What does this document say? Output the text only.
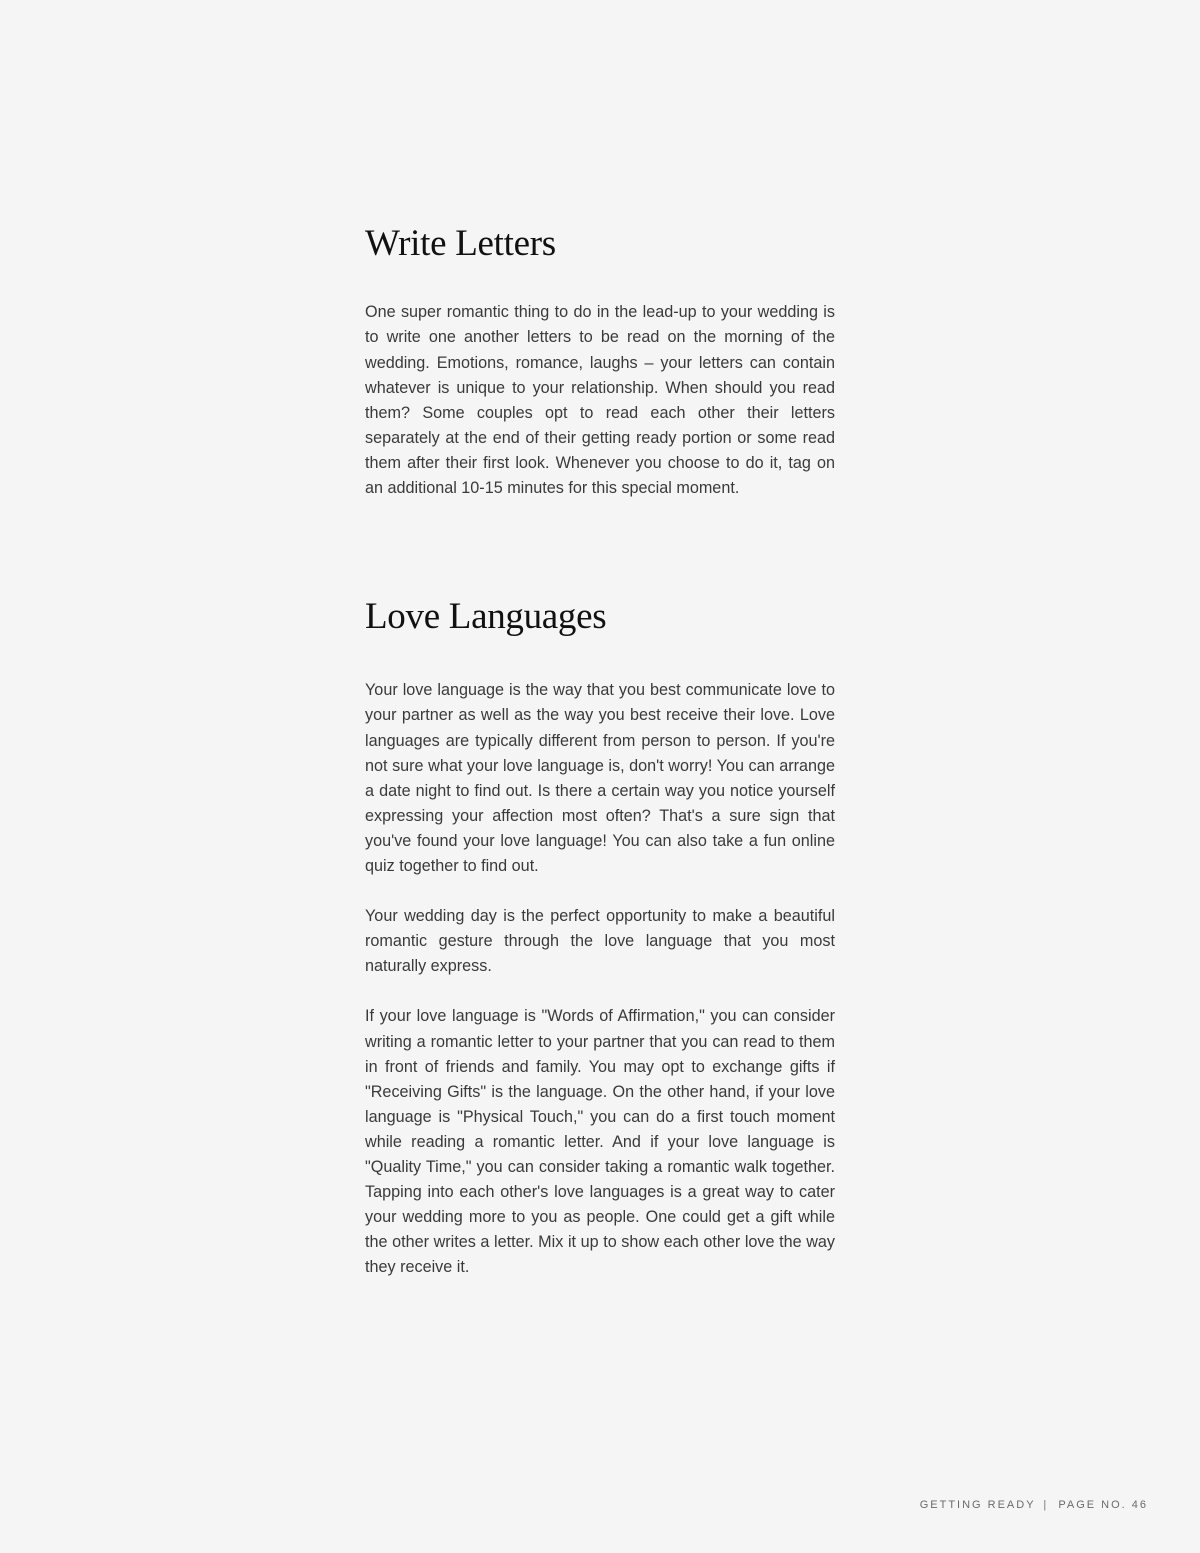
Write Letters

One super romantic thing to do in the lead-up to your wedding is to write one another letters to be read on the morning of the wedding. Emotions, romance, laughs – your letters can contain whatever is unique to your relationship. When should you read them? Some couples opt to read each other their letters separately at the end of their getting ready portion or some read them after their first look. Whenever you choose to do it, tag on an additional 10-15 minutes for this special moment.

Love Languages

Your love language is the way that you best communicate love to your partner as well as the way you best receive their love. Love languages are typically different from person to person. If you're not sure what your love language is, don't worry! You can arrange a date night to find out. Is there a certain way you notice yourself expressing your affection most often? That's a sure sign that you've found your love language! You can also take a fun online quiz together to find out.

Your wedding day is the perfect opportunity to make a beautiful romantic gesture through the love language that you most naturally express.

If your love language is "Words of Affirmation," you can consider writing a romantic letter to your partner that you can read to them in front of friends and family. You may opt to exchange gifts if "Receiving Gifts" is the language. On the other hand, if your love language is "Physical Touch," you can do a first touch moment while reading a romantic letter. And if your love language is "Quality Time," you can consider taking a romantic walk together. Tapping into each other's love languages is a great way to cater your wedding more to you as people. One could get a gift while the other writes a letter. Mix it up to show each other love the way they receive it.

GETTING READY | PAGE NO. 46
